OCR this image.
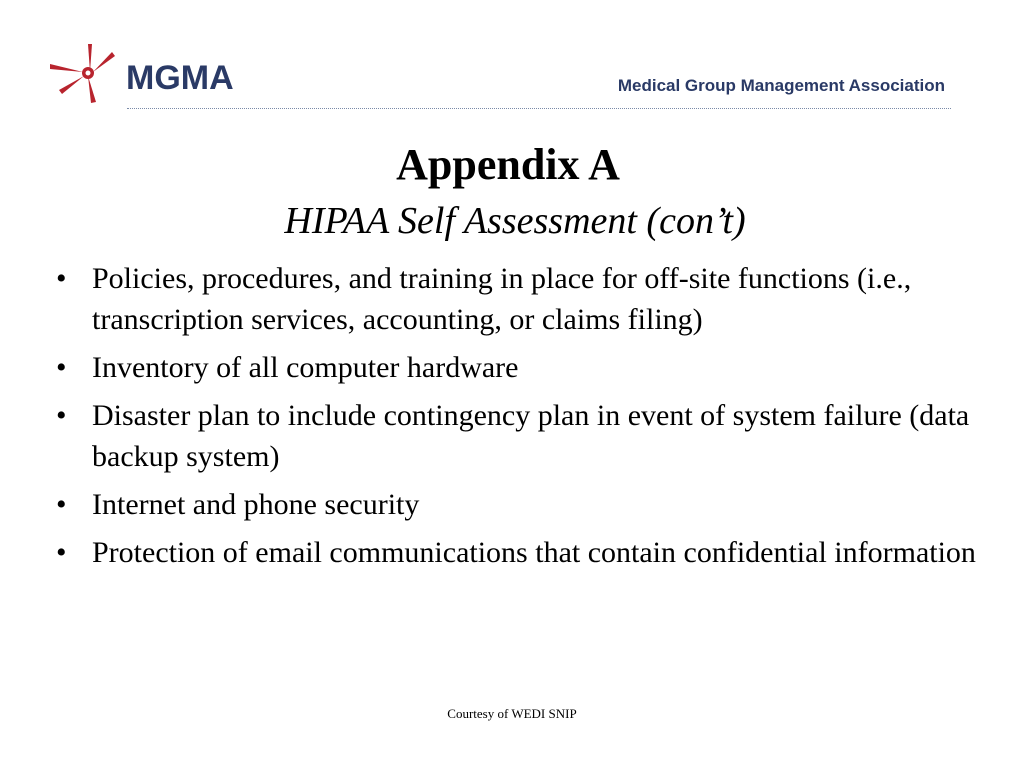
MGMA	Medical Group Management Association
Appendix A
HIPAA Self Assessment (con’t)
• Policies, procedures, and training in place for off-site functions (i.e., transcription services, accounting, or claims filing)
• Inventory of all computer hardware
• Disaster plan to include contingency plan in event of system failure (data backup system)
• Internet and phone security
• Protection of email communications that contain confidential information
Courtesy of WEDI SNIP
